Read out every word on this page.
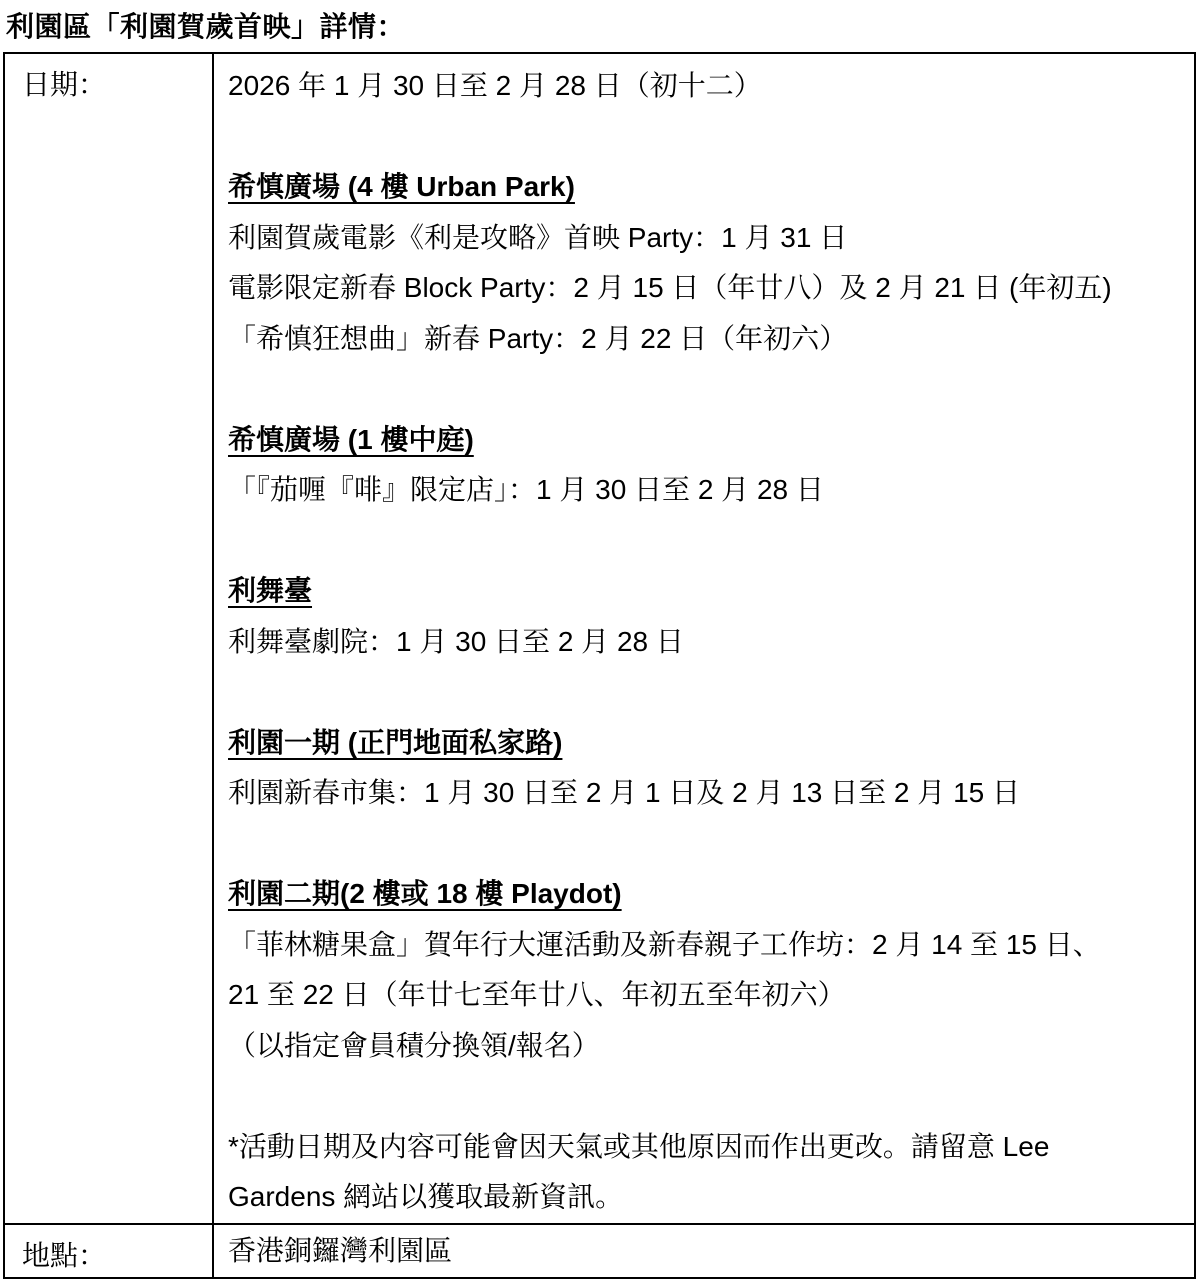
利園區「利園賀歲首映」詳情：
日期：	2026 年 1 月 30 日至 2 月 28 日（初十二）

希慎廣場 (4 樓 Urban Park)

利園賀歲電影《利是攻略》首映 Party：1 月 31 日

電影限定新春 Block Party：2 月 15 日（年廿八）及 2 月 21 日 (年初五)

「希慎狂想曲」新春 Party：2 月 22 日（年初六）

希慎廣場 (1 樓中庭)

「『茄喱『啡』限定店」：1 月 30 日至 2 月 28 日

利舞臺

利舞臺劇院：1 月 30 日至 2 月 28 日

利園一期 (正門地面私家路)

利園新春市集：1 月 30 日至 2 月 1 日及 2 月 13 日至 2 月 15 日

利園二期(2 樓或 18 樓 Playdot)

「菲林糖果盒」賀年行大運活動及新春親子工作坊：2 月 14 至 15 日、

21 至 22 日（年廿七至年廿八、年初五至年初六）

（以指定會員積分換領/報名）

*活動日期及内容可能會因天氣或其他原因而作出更改。請留意 Lee

Gardens 網站以獲取最新資訊。

地點：	香港銅鑼灣利園區
